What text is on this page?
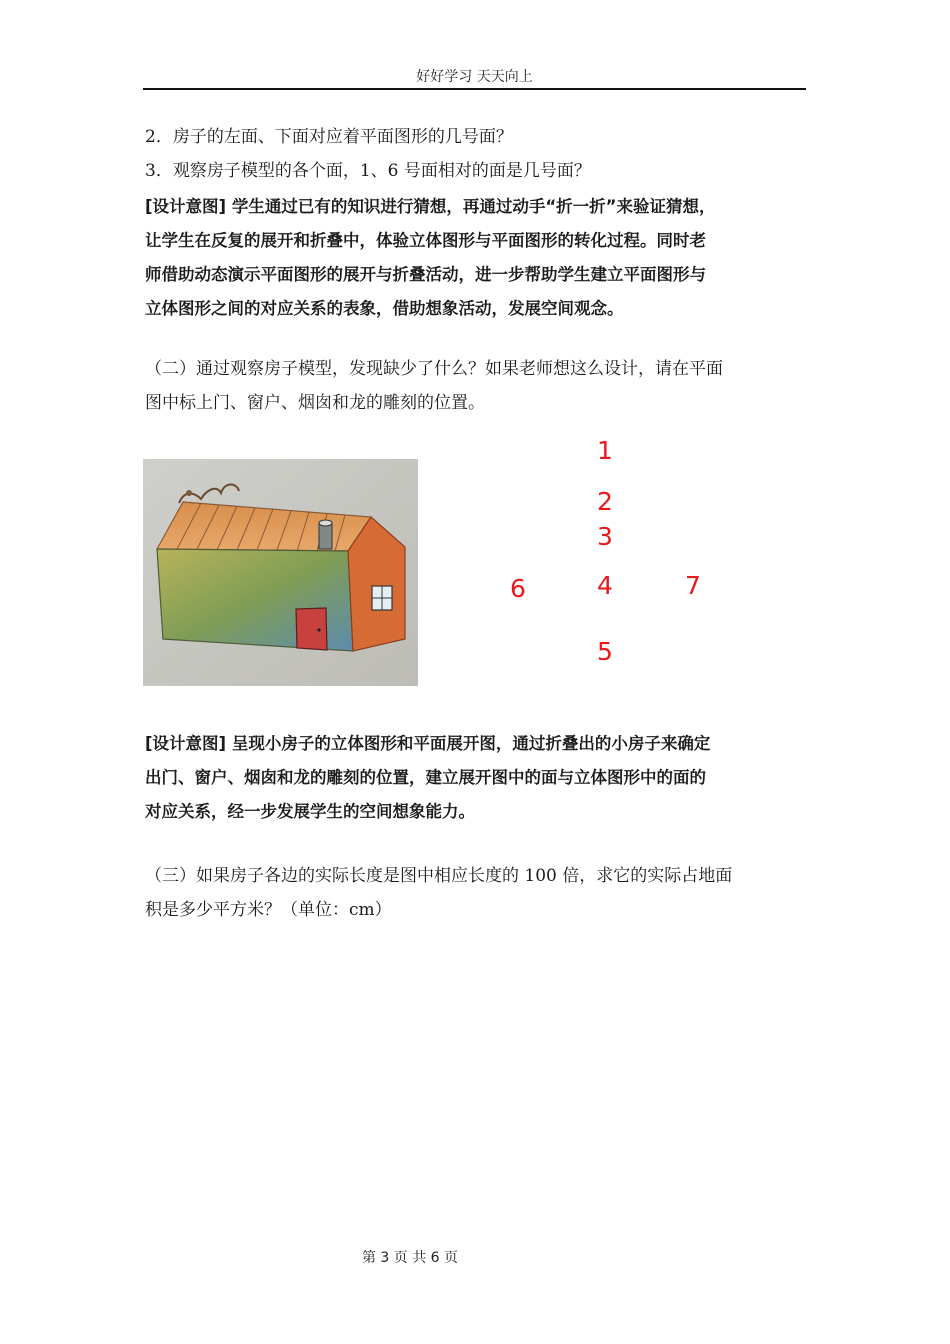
好好学习 天天向上
2．房子的左面、下面对应着平面图形的几号面？
3．观察房子模型的各个面，1、6 号面相对的面是几号面？
[设计意图] 学生通过已有的知识进行猜想，再通过动手“折一折”来验证猜想，
让学生在反复的展开和折叠中，体验立体图形与平面图形的转化过程。同时老
师借助动态演示平面图形的展开与折叠活动，进一步帮助学生建立平面图形与
立体图形之间的对应关系的表象，借助想象活动，发展空间观念。
（二）通过观察房子模型，发现缺少了什么？如果老师想这么设计，请在平面
图中标上门、窗户、烟囱和龙的雕刻的位置。
1
2
3
6	4	7
5
[设计意图] 呈现小房子的立体图形和平面展开图，通过折叠出的小房子来确定
出门、窗户、烟囱和龙的雕刻的位置，建立展开图中的面与立体图形中的面的
对应关系，经一步发展学生的空间想象能力。
（三）如果房子各边的实际长度是图中相应长度的 100 倍，求它的实际占地面
积是多少平方米？（单位：cm）
第 3 页 共 6 页
